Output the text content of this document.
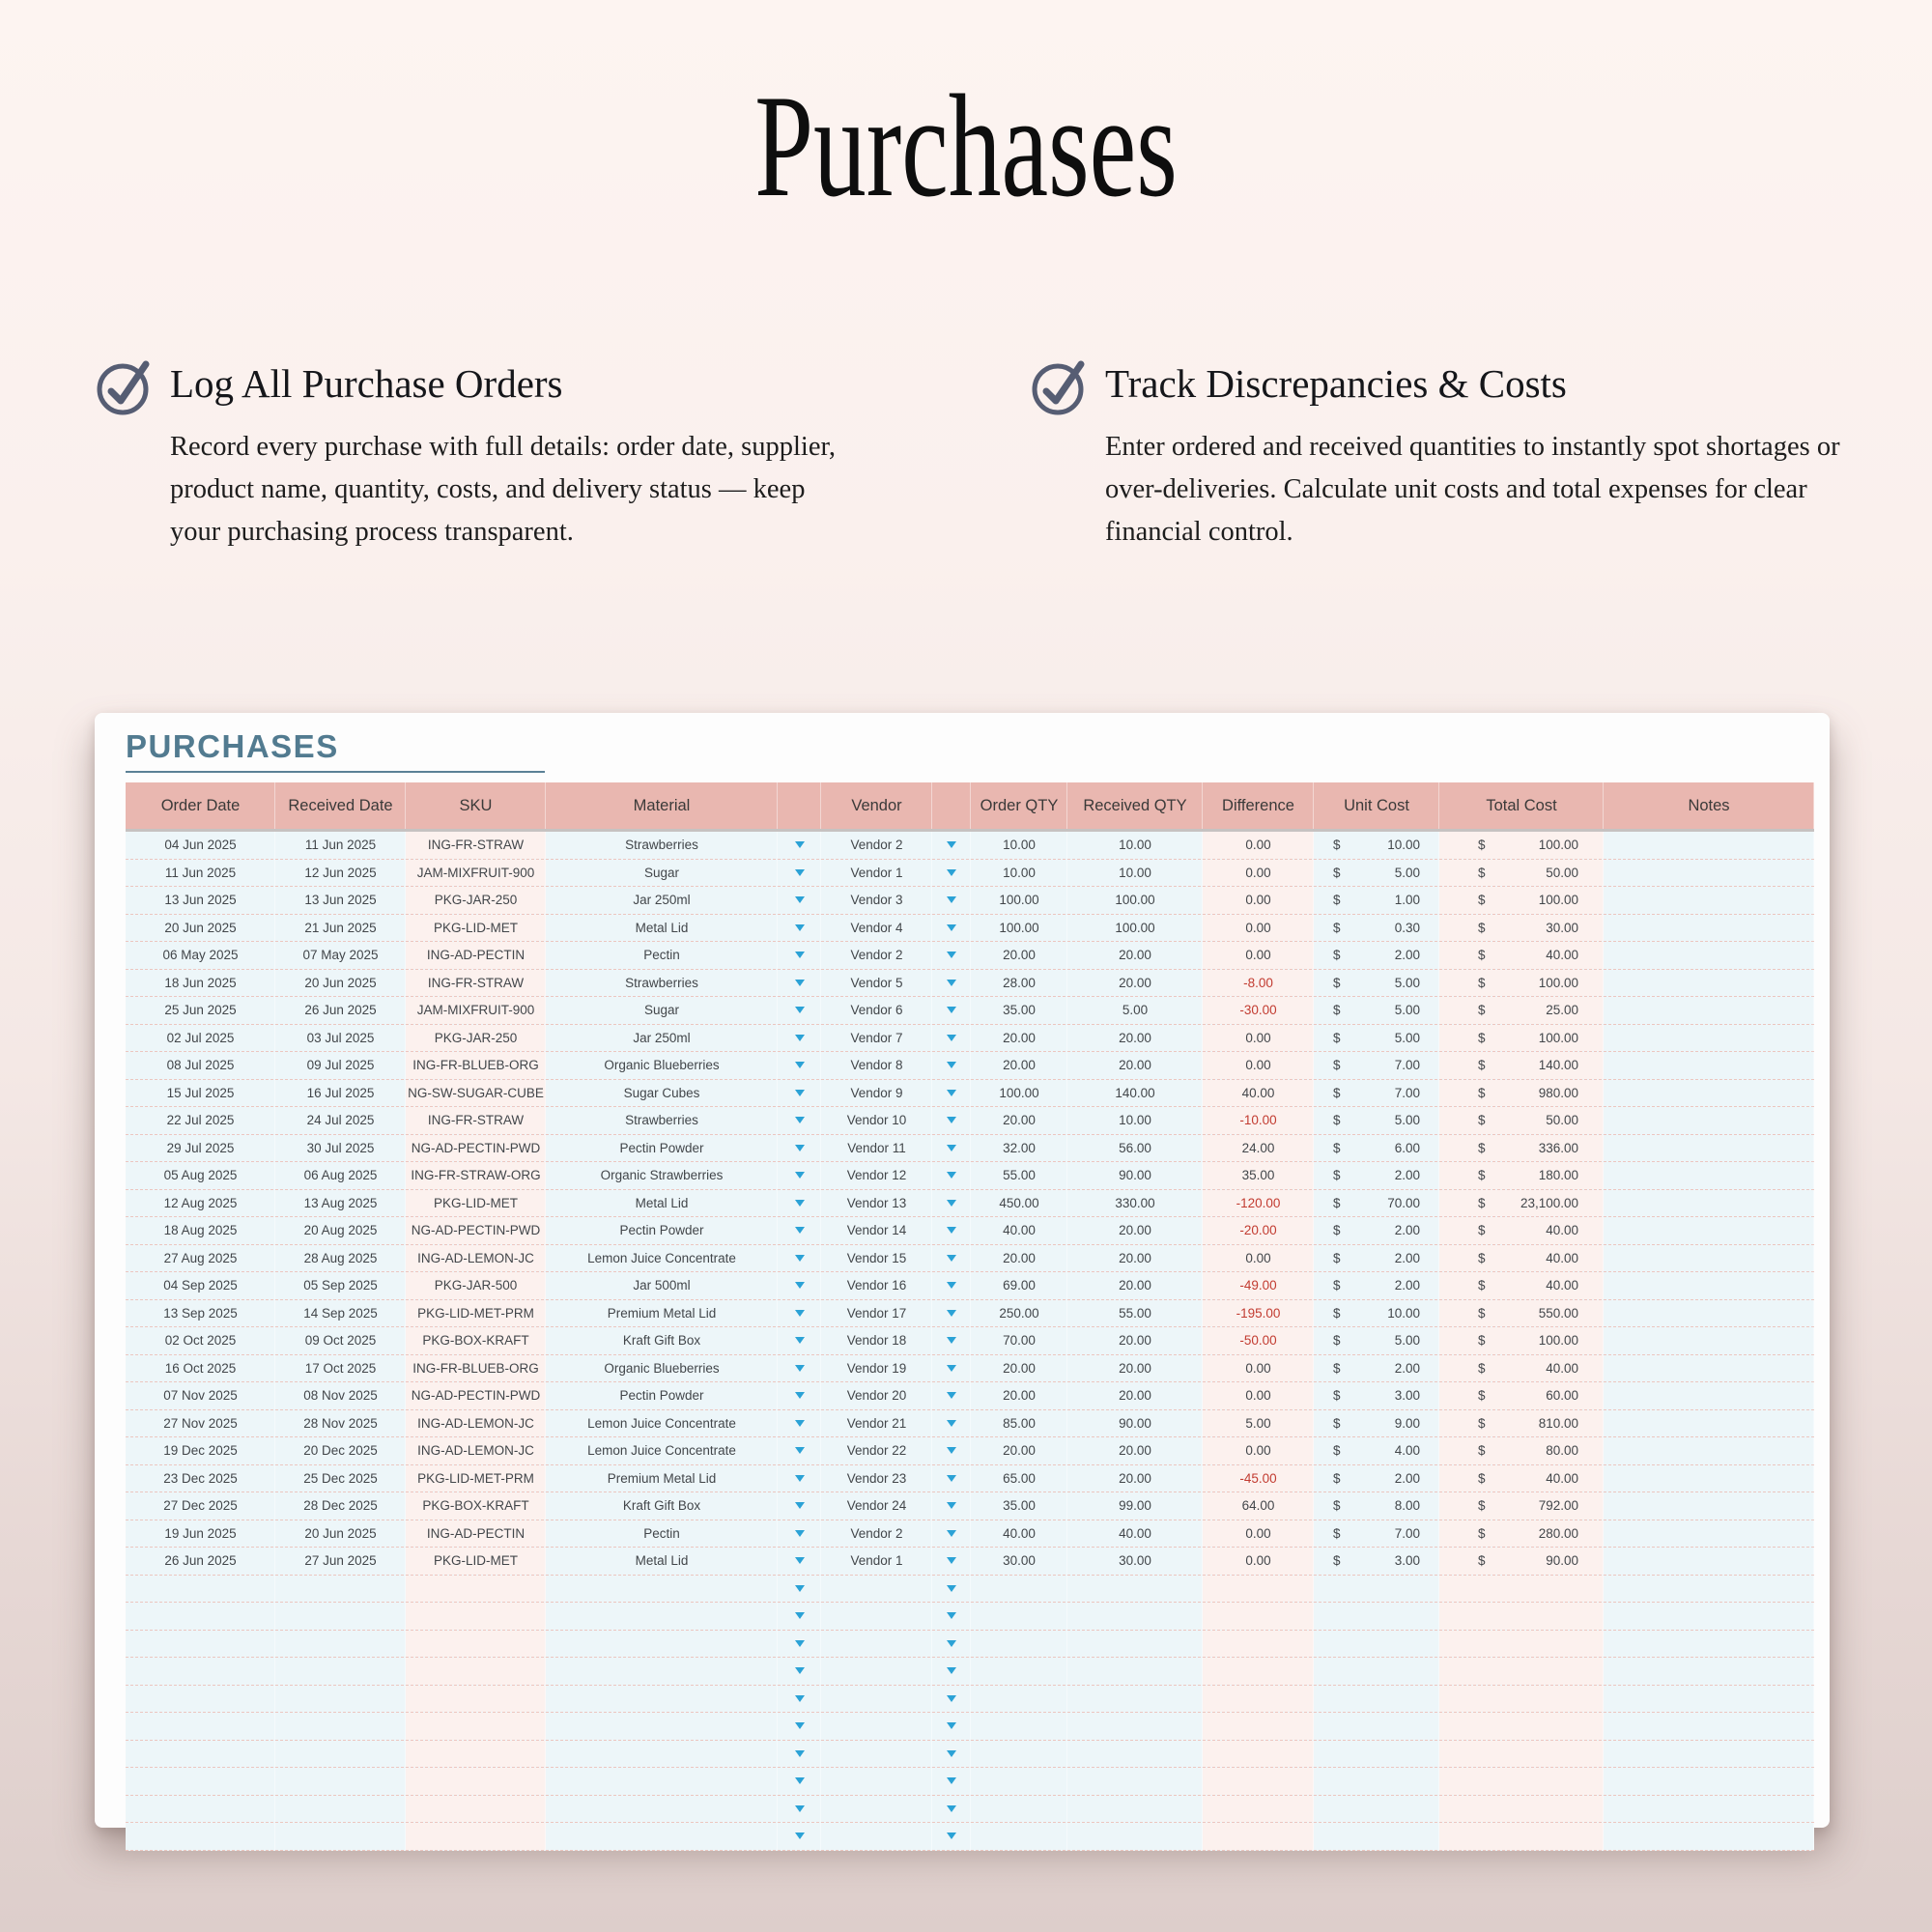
Purchases
Log All Purchase Orders

Record every purchase with full details: order date, supplier, product name, quantity, costs, and delivery status — keep your purchasing process transparent.

Track Discrepancies & Costs

Enter ordered and received quantities to instantly spot shortages or over-deliveries. Calculate unit costs and total expenses for clear financial control.

PURCHASES
Order Date	Received Date	SKU	Material	Vendor	Order QTY	Received QTY	Difference	Unit Cost	Total Cost	Notes
04 Jun 2025	11 Jun 2025	ING-FR-STRAW	Strawberries	Vendor 2	10.00	10.00	0.00	$	10.00	$	100.00
11 Jun 2025	12 Jun 2025	JAM-MIXFRUIT-900	Sugar	Vendor 1	10.00	10.00	0.00	$	5.00	$	50.00
13 Jun 2025	13 Jun 2025	PKG-JAR-250	Jar 250ml	Vendor 3	100.00	100.00	0.00	$	1.00	$	100.00
20 Jun 2025	21 Jun 2025	PKG-LID-MET	Metal Lid	Vendor 4	100.00	100.00	0.00	$	0.30	$	30.00
06 May 2025	07 May 2025	ING-AD-PECTIN	Pectin	Vendor 2	20.00	20.00	0.00	$	2.00	$	40.00
18 Jun 2025	20 Jun 2025	ING-FR-STRAW	Strawberries	Vendor 5	28.00	20.00	-8.00	$	5.00	$	100.00
25 Jun 2025	26 Jun 2025	JAM-MIXFRUIT-900	Sugar	Vendor 6	35.00	5.00	-30.00	$	5.00	$	25.00
02 Jul 2025	03 Jul 2025	PKG-JAR-250	Jar 250ml	Vendor 7	20.00	20.00	0.00	$	5.00	$	100.00
08 Jul 2025	09 Jul 2025	ING-FR-BLUEB-ORG	Organic Blueberries	Vendor 8	20.00	20.00	0.00	$	7.00	$	140.00
15 Jul 2025	16 Jul 2025	NG-SW-SUGAR-CUBE	Sugar Cubes	Vendor 9	100.00	140.00	40.00	$	7.00	$	980.00
22 Jul 2025	24 Jul 2025	ING-FR-STRAW	Strawberries	Vendor 10	20.00	10.00	-10.00	$	5.00	$	50.00
29 Jul 2025	30 Jul 2025	NG-AD-PECTIN-PWD	Pectin Powder	Vendor 11	32.00	56.00	24.00	$	6.00	$	336.00
05 Aug 2025	06 Aug 2025	ING-FR-STRAW-ORG	Organic Strawberries	Vendor 12	55.00	90.00	35.00	$	2.00	$	180.00
12 Aug 2025	13 Aug 2025	PKG-LID-MET	Metal Lid	Vendor 13	450.00	330.00	-120.00	$	70.00	$	23,100.00
18 Aug 2025	20 Aug 2025	NG-AD-PECTIN-PWD	Pectin Powder	Vendor 14	40.00	20.00	-20.00	$	2.00	$	40.00
27 Aug 2025	28 Aug 2025	ING-AD-LEMON-JC	Lemon Juice Concentrate	Vendor 15	20.00	20.00	0.00	$	2.00	$	40.00
04 Sep 2025	05 Sep 2025	PKG-JAR-500	Jar 500ml	Vendor 16	69.00	20.00	-49.00	$	2.00	$	40.00
13 Sep 2025	14 Sep 2025	PKG-LID-MET-PRM	Premium Metal Lid	Vendor 17	250.00	55.00	-195.00	$	10.00	$	550.00
02 Oct 2025	09 Oct 2025	PKG-BOX-KRAFT	Kraft Gift Box	Vendor 18	70.00	20.00	-50.00	$	5.00	$	100.00
16 Oct 2025	17 Oct 2025	ING-FR-BLUEB-ORG	Organic Blueberries	Vendor 19	20.00	20.00	0.00	$	2.00	$	40.00
07 Nov 2025	08 Nov 2025	NG-AD-PECTIN-PWD	Pectin Powder	Vendor 20	20.00	20.00	0.00	$	3.00	$	60.00
27 Nov 2025	28 Nov 2025	ING-AD-LEMON-JC	Lemon Juice Concentrate	Vendor 21	85.00	90.00	5.00	$	9.00	$	810.00
19 Dec 2025	20 Dec 2025	ING-AD-LEMON-JC	Lemon Juice Concentrate	Vendor 22	20.00	20.00	0.00	$	4.00	$	80.00
23 Dec 2025	25 Dec 2025	PKG-LID-MET-PRM	Premium Metal Lid	Vendor 23	65.00	20.00	-45.00	$	2.00	$	40.00
27 Dec 2025	28 Dec 2025	PKG-BOX-KRAFT	Kraft Gift Box	Vendor 24	35.00	99.00	64.00	$	8.00	$	792.00
19 Jun 2025	20 Jun 2025	ING-AD-PECTIN	Pectin	Vendor 2	40.00	40.00	0.00	$	7.00	$	280.00
26 Jun 2025	27 Jun 2025	PKG-LID-MET	Metal Lid	Vendor 1	30.00	30.00	0.00	$	3.00	$	90.00
